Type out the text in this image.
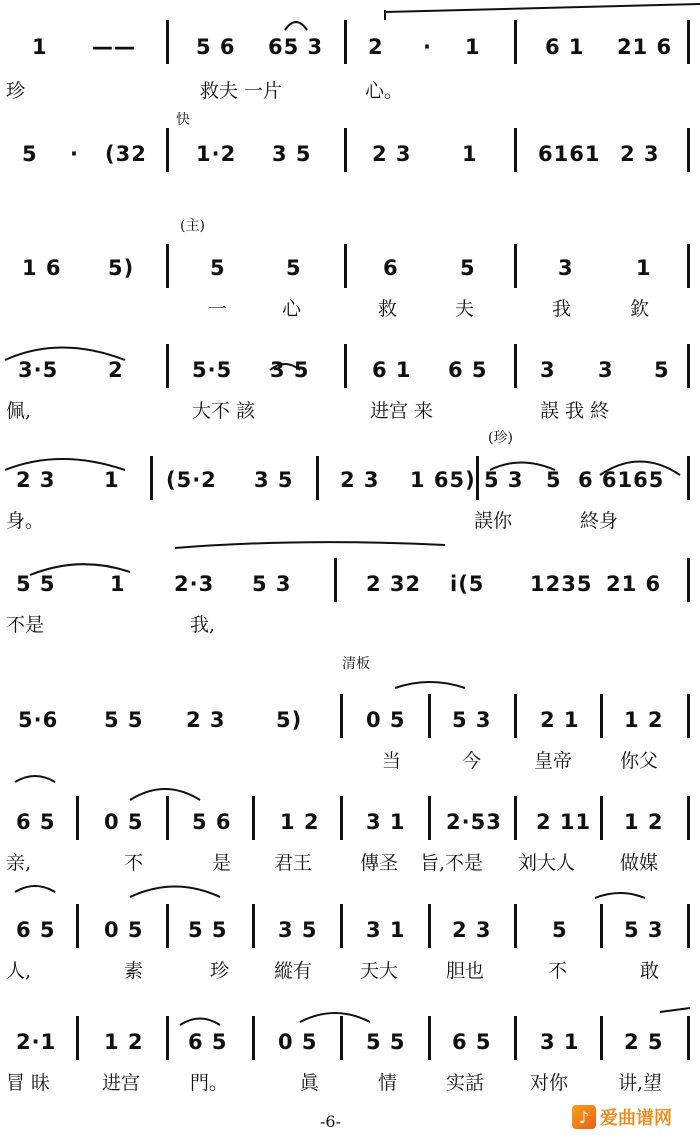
1 ——	5 6 65 3 2 · 1	6 1 21 6
珍	救夫 一片	心。
快
5 · (32 1·2 3 5	2 3 1	6161 2 3
(主)
1 6 5)	5	5	6	5	3	1
一	心	救	夫	我	欽
3·5 2	5·5 3 5	6 1 6 5 3 3 5
佩,	大不 該	进宫 来	誤 我 終
(珍)
2 3 1 (5·2 3 5 2 3 1 65) 5 3 5 6 6165
身。	誤你	終身
5 5	1 2·3 5 3	2 32 i(5 1235 21 6
不是	我,
清板
5·6 5 5 2 3 5)	0 5 5 3 2 1 1 2
当	今	皇帝	你父
6 5 0 5 5 6 1 2 3 1 2·53 2 11 1 2
亲,	不	是 君王	傳圣 旨,不是 刘大人 做媒
6 5 0 5 5 5 3 5 3 1 2 3	5	5 3
人,	素	珍 縱有	天大	胆也	不	敢
2·1 1 2 6 5 0 5 5 5 6 5 3 1 2 5
冒 昧	进宫	門。	眞	情	实話 对你	讲,望
-6-	♪ 爱曲谱网
